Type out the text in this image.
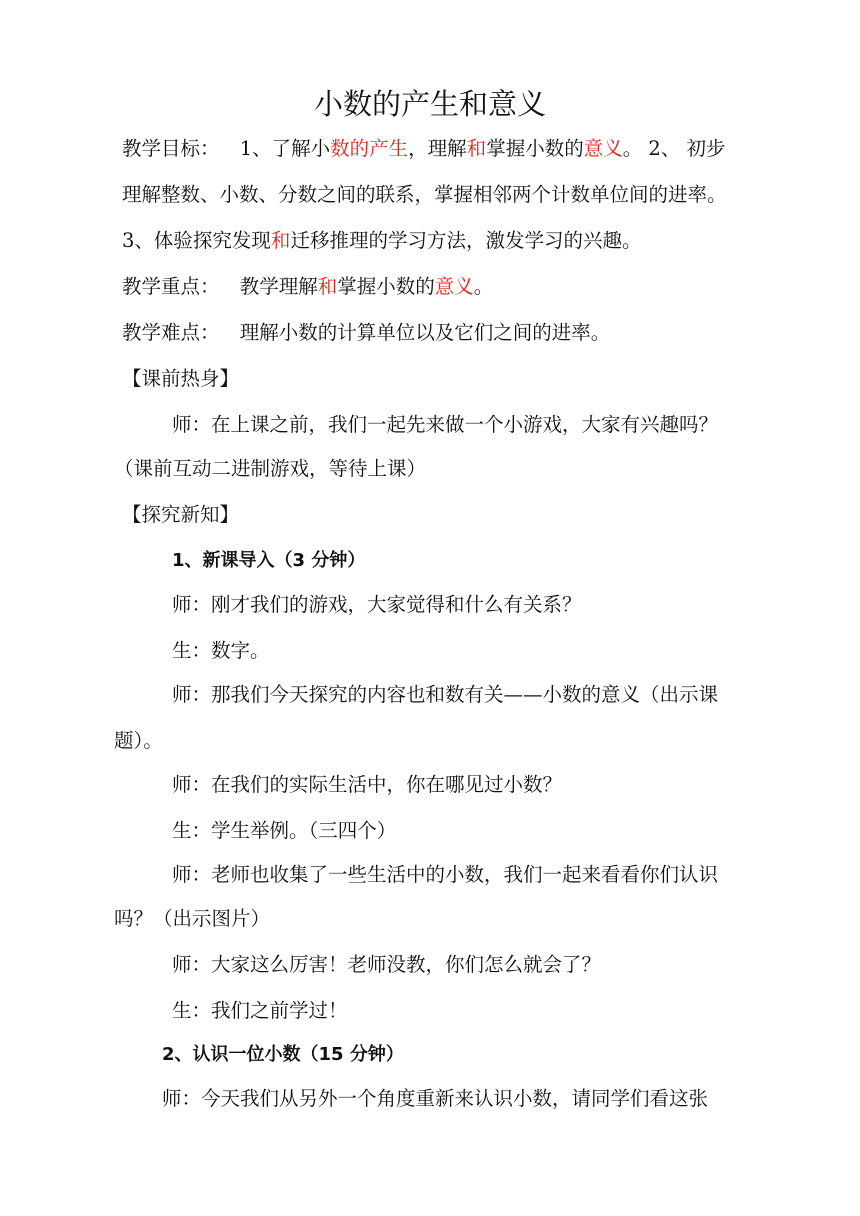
小数的产生和意义
教学目标： 1、了解小数的产生，理解和掌握小数的意义。 2、 初步
理解整数、小数、分数之间的联系，掌握相邻两个计数单位间的进率。
3、体验探究发现和迁移推理的学习方法，激发学习的兴趣。
教学重点： 教学理解和掌握小数的意义。
教学难点： 理解小数的计算单位以及它们之间的进率。
【课前热身】
师：在上课之前，我们一起先来做一个小游戏，大家有兴趣吗？
（课前互动二进制游戏，等待上课）
【探究新知】
1、新课导入（3 分钟）
师：刚才我们的游戏，大家觉得和什么有关系？
生：数字。
师：那我们今天探究的内容也和数有关——小数的意义（出示课
题）。
师：在我们的实际生活中，你在哪见过小数？
生：学生举例。（三四个）
师：老师也收集了一些生活中的小数，我们一起来看看你们认识
吗？（出示图片）
师：大家这么厉害！老师没教，你们怎么就会了？
生：我们之前学过！
2、认识一位小数（15 分钟）
师：今天我们从另外一个角度重新来认识小数，请同学们看这张
